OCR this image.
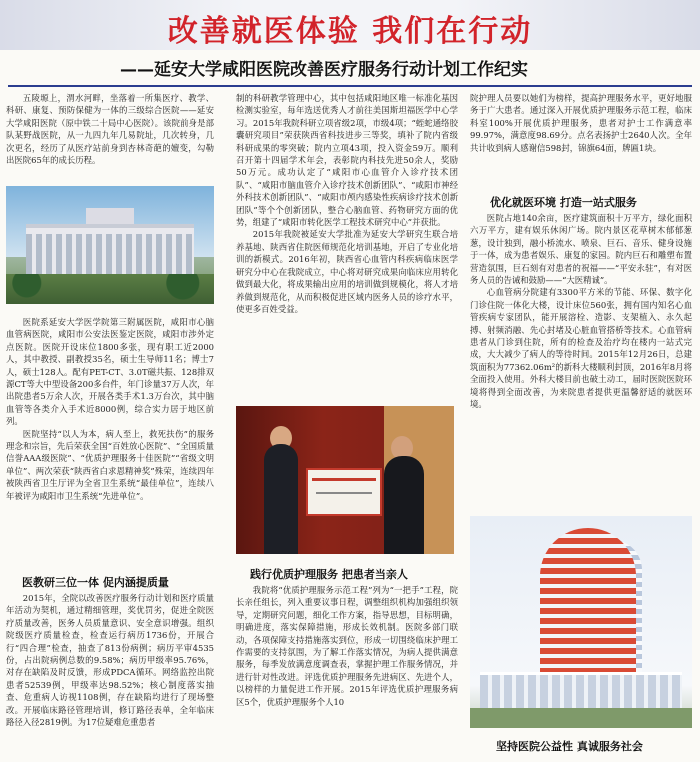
改善就医体验 我们在行动
——延安大学咸阳医院改善医疗服务行动计划工作纪实

五陵塬上，渭水河畔，坐落着一所集医疗、教学、科研、康复、预防保健为一体的三级综合医院——延安大学咸阳医院（原中铁二十局中心医院）。该院前身是部队某野战医院，从一九四九年几易院址，几次转身，几次更名，经历了从医疗站前身到杏林奇葩的嬗变，勾勒出医院65年的成长历程。

医院系延安大学医学院第三附属医院，咸阳市心脑血管病医院，咸阳市公安法医鉴定医院，咸阳市涉外定点医院。医院开设床位1800多张，现有职工近2000人，其中教授、副教授35名，硕士生导师11名；博士7人，硕士128人。配有PET-CT、3.0T磁共振、128排双源CT等大中型设备200多台件，年门诊量37万人次，年出院患者5万余人次，开展各类手术1.3万台次，其中脑血管等各类介入手术近8000例，综合实力居于地区前列。

医院坚持“以人为本，病人至上，救死扶伤”的服务理念和宗旨，先后荣获全国“百姓放心医院”、“全国质量信誉AAA级医院”、“优质护理服务十佳医院”“省级文明单位”、两次荣获“陕西省白求恩精神奖”殊荣，连续四年被陕西省卫生厅评为全省卫生系统“最佳单位”，连续八年被评为咸阳市卫生系统“先进单位”。

医教研三位一体 促内涵提质量

2015年，全院以改善医疗服务行动计划和医疗质量年活动为契机，通过精细管理，奖优罚劣，促进全院医疗质量改善，医务人员质量意识、安全意识增强。组织院级医疗质量检查，检查运行病历1736份，开展合行“四合理”检查，抽查了813份病例；病历平审4535份，占出院病例总数的9.58%；病历甲级率95.76%，对存在缺陷及时反馈，形成PDCA循环。网络监控出院患者52539例，甲级率达98.52%；核心制度落实抽查、危重病人访视1108例，存在缺陷均进行了现场整改。开展临床路径管理培训，修订路径表单，全年临床路径入径2819例。为17位疑难危重患者

制的科研教学管理中心，其中包括咸阳地区唯一标准化基因检测实验室，每年选送优秀人才前往美国斯坦福医学中心学习。2015年我院科研立项省级2项，市级4项；“蛭蛇通络胶囊研究项目”荣获陕西省科技进步三等奖，填补了院内省级科研成果的零突破；院内立项43项，投入资金59万。顺利召开第十四届学术年会，表彰院内科技先进50余人，奖励50万元。成功认定了“咸阳市心血管介入诊疗技术团队”、“咸阳市脑血管介入诊疗技术创新团队”、“咸阳市神经外科技术创新团队”、“咸阳市颅内感染性疾病诊疗技术创新团队”等个个创新团队，整合心脑血管、药物研究方面的优势，组建了“咸阳市转化医学工程技术研究中心”并获批。

2015年我院被延安大学批准为延安大学研究生联合培养基地、陕西省住院医师规范化培训基地，开启了专业化培训的新模式。2016年初，陕西省心血管内科疾病临床医学研究分中心在我院成立，中心将对研究成果向临床应用转化做到最大化，将成果输出应用的培训做到规模化，将人才培养做到规范化，从而积极促进区域内医务人员的诊疗水平，使更多百姓受益。

践行优质护理服务 把患者当亲人

我院将“优质护理服务示范工程”列为“一把手”工程，院长亲任组长，列入重要议事日程，调整组织机构加强组织领导，定期研究问题，细化工作方案，指导思想，目标明确，明确进度，落实保障措施，形成长效机制。医院多部门联动，各项保障支持措施落实到位，形成一切围绕临床护理工作需要的支持氛围，为了解工作落实情况，为病人提供满意服务，每季发放满意度调查表，掌握护理工作服务情况，并进行针对性改进。评选优质护理服务先进病区、先进个人，以榜样的力量促进工作开展。2015年评选优质护理服务病区5个，优质护理服务个人10

院护理人员要以她们为榜样，提高护理服务水平，更好地服务于广大患者。通过深入开展优质护理服务示范工程，临床科室100%开展优质护理服务，患者对护士工作满意率99.97%，满意度98.69分。点名表扬护士2640人次。全年共计收到病人感谢信598封，锦旗64面，牌匾1块。

优化就医环境 打造一站式服务

医院占地140余亩，医疗建筑面积十万平方，绿化面积六万平方，建有娱乐休闲广场。院内景区花草树木郁郁葱葱，设计独到，融小桥流水、喷泉、巨石、音乐、健身设施于一体，成为患者娱乐、康复的家园。院内巨石和雕塑布置营造氛围，巨石刻有对患者的祝福——“平安永驻”，有对医务人员的告诫和鼓励——“大医精诚”。

心血管病分院建有3300平方米的节能、环保、数字化门诊住院一体化大楼，设计床位560张，拥有国内知名心血管疾病专家团队，能开展溶栓、造影、支架植入、永久起搏、射频消融、先心封堵及心脏血管搭桥等技术。心血管病患者从门诊到住院，所有的检查及治疗均在楼内一站式完成，大大减少了病人的等待时间。2015年12月26日，总建筑面积为77362.06m²的新科大楼顺利封顶，2016年8月将全面投入使用。外科大楼目前也破土动工，届时医院医院环境将得到全面改善，为来院患者提供更温馨舒适的就医环境。

坚持医院公益性 真诚服务社会
